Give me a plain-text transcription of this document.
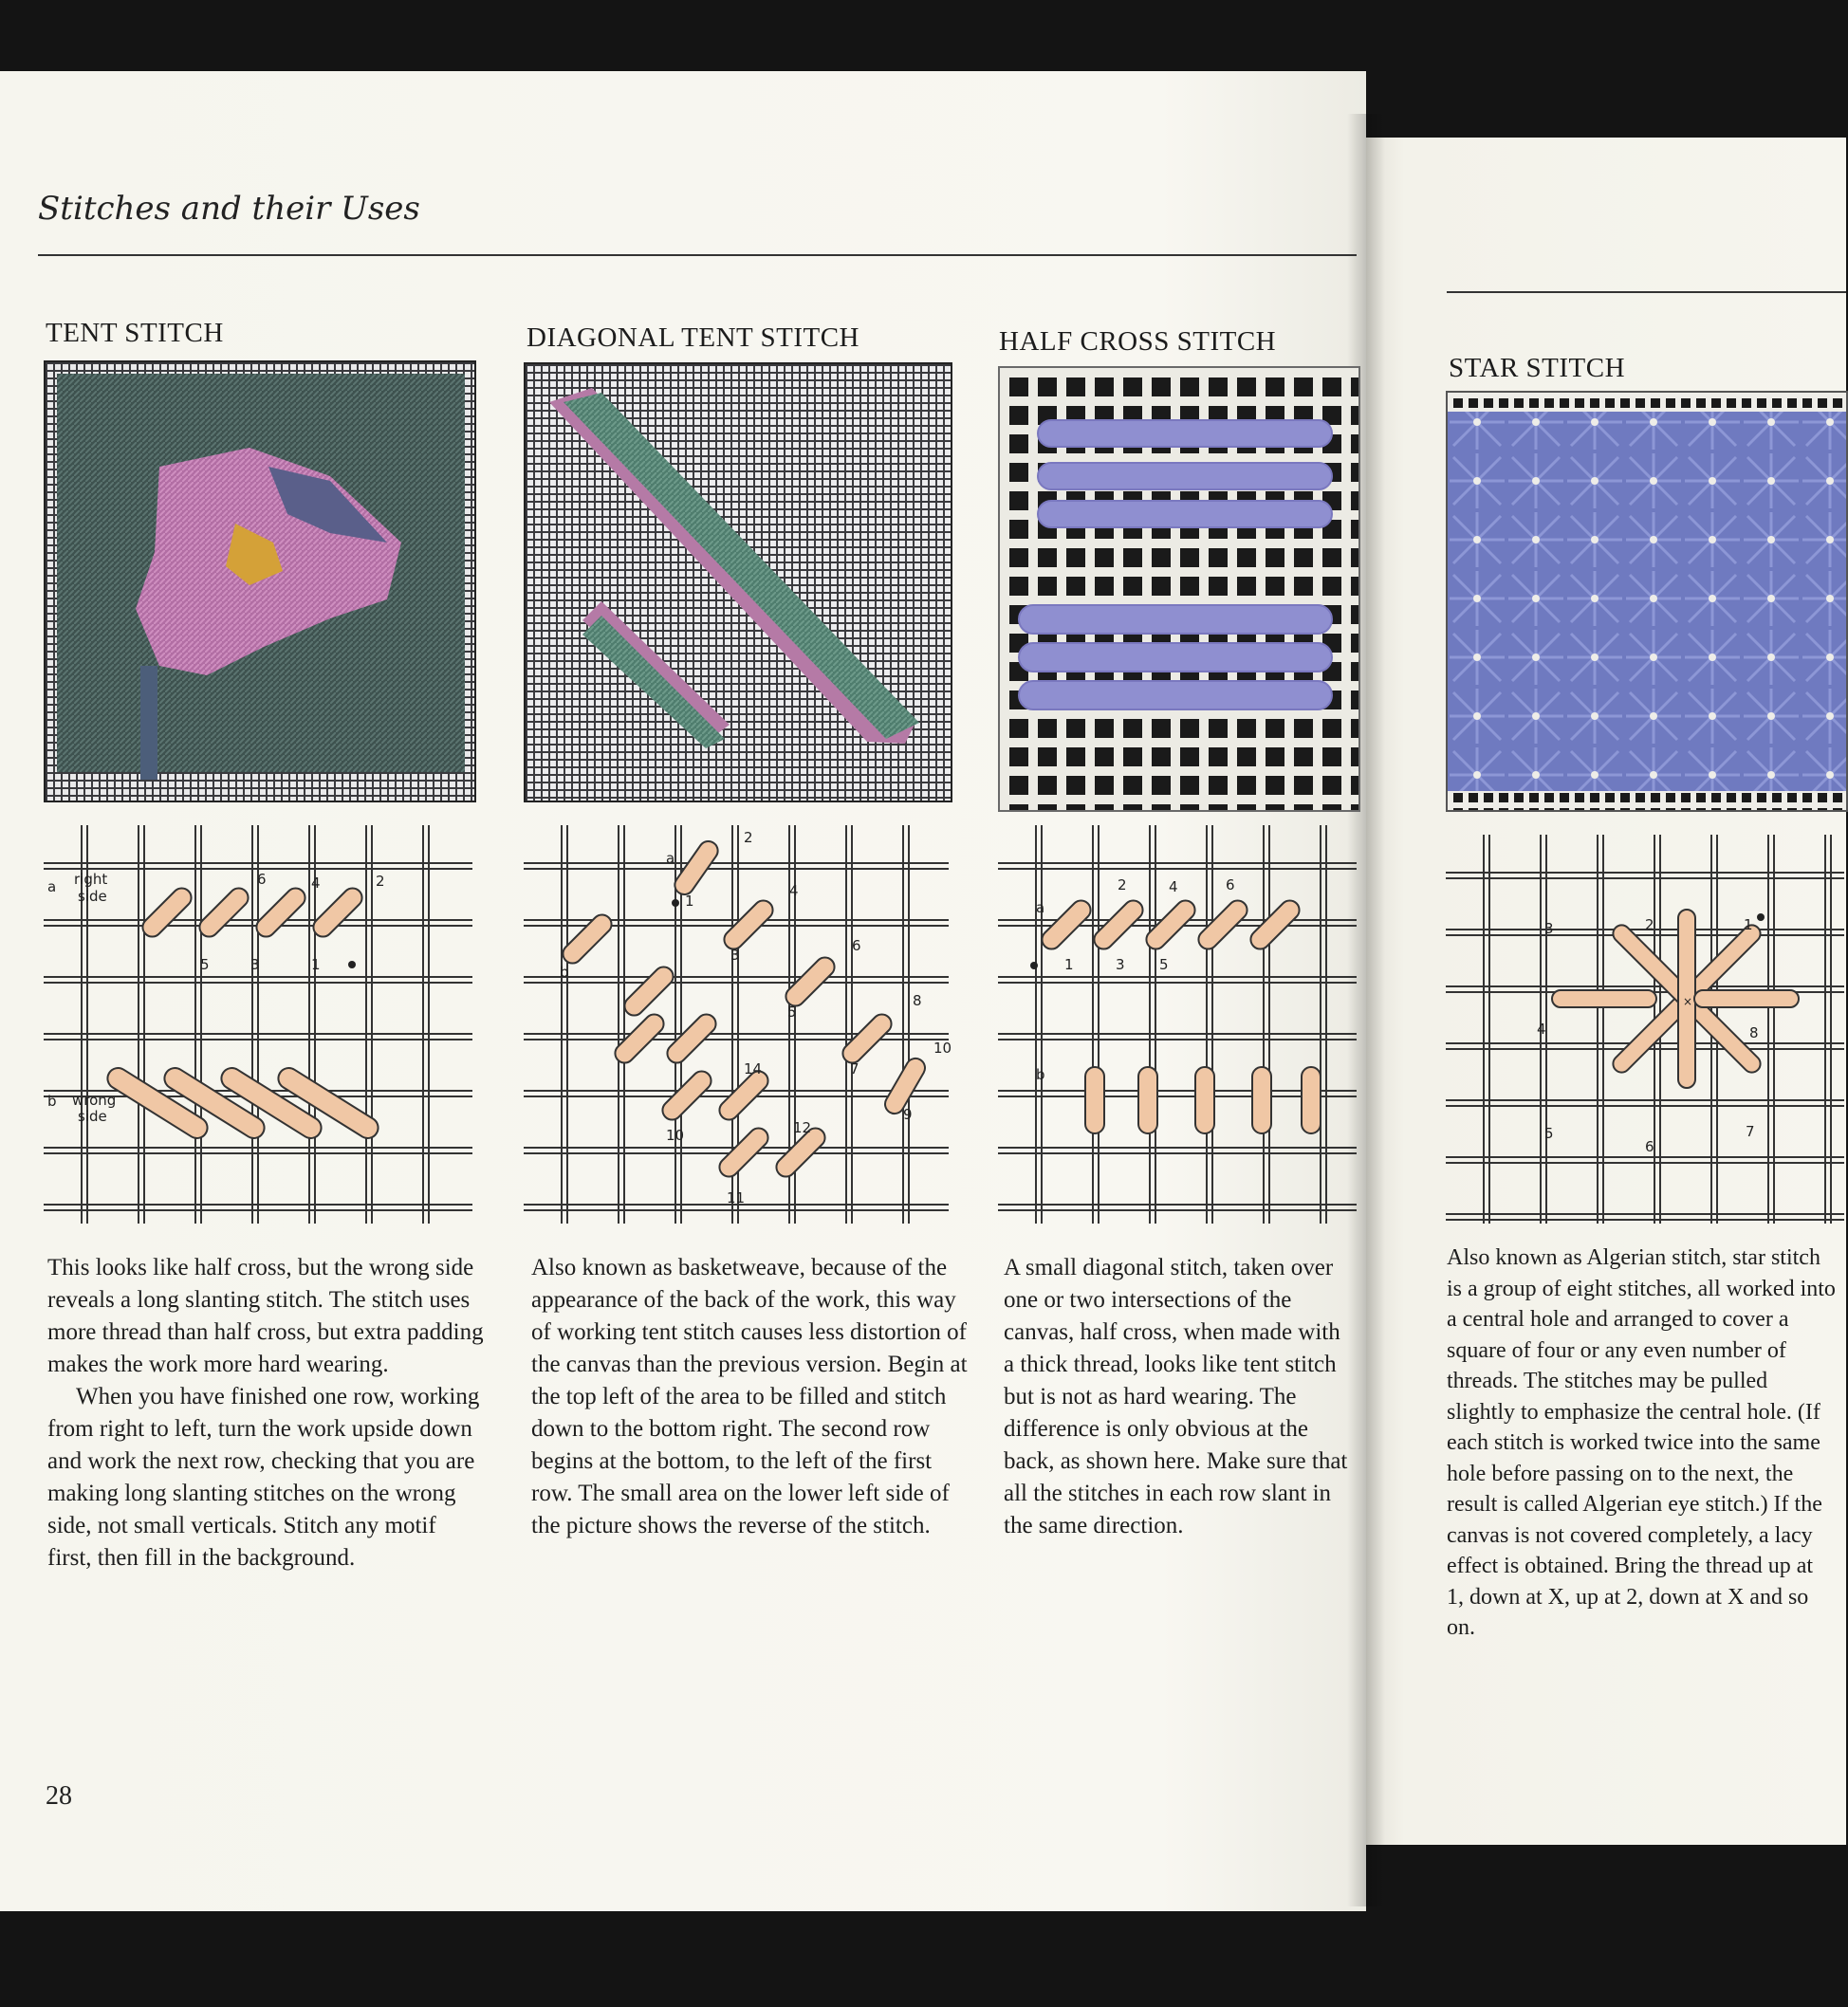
Stitches and their Uses
TENT STITCH
a right
side
6	4	2
5	3	1
b wrong
side

This looks like half cross, but the wrong side reveals a long slanting stitch. The stitch uses more thread than half cross, but extra padding makes the work more hard wearing.

When you have finished one row, working from right to left, turn the work upside down and work the next row, checking that you are making long slanting stitches on the wrong side, not small verticals. Stitch any motif first, then fill in the background.

DIAGONAL TENT STITCH
a
2
1
4
b
3
6
5
8
7
10
14
9
10	12
11

Also known as basketweave, because of the appearance of the back of the work, this way of working tent stitch causes less distortion of the canvas than the previous version. Begin at the top left of the area to be filled and stitch down to the bottom right. The second row begins at the bottom, to the left of the first row. The small area on the lower left side of the picture shows the reverse of the stitch.

HALF CROSS STITCH
a
2	4	6
1	3 5
b

A small diagonal stitch, taken over one or two intersections of the canvas, half cross, when made with a thick thread, looks like tent stitch but is not as hard wearing. The difference is only obvious at the back, as shown here. Make sure that all the stitches in each row slant in the same direction.

STAR STITCH
×
3	2	1
4	8
5
6
7

Also known as Algerian stitch, star stitch is a group of eight stitches, all worked into a central hole and arranged to cover a square of four or any even number of threads. The stitches may be pulled slightly to emphasize the central hole. (If each stitch is worked twice into the same hole before passing on to the next, the result is called Algerian eye stitch.) If the canvas is not covered completely, a lacy effect is obtained. Bring the thread up at 1, down at X, up at 2, down at X and so on.

28
